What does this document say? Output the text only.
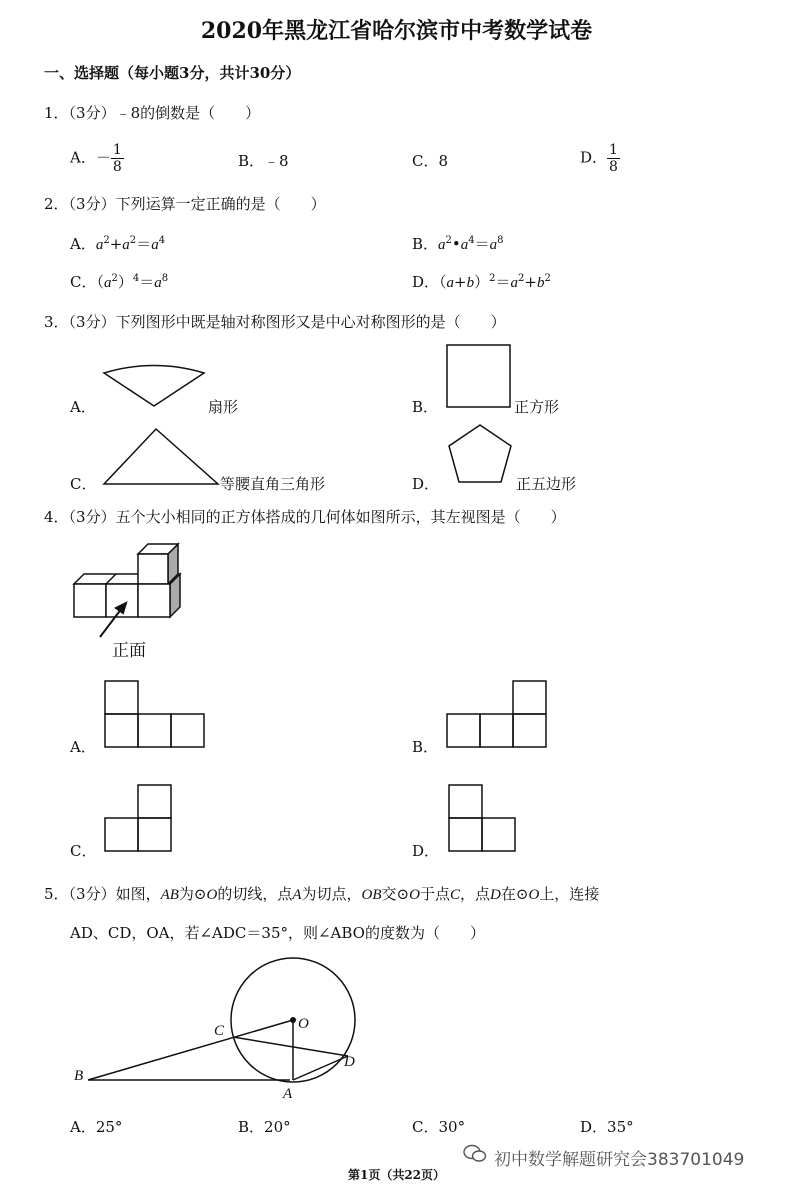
2020年黑龙江省哈尔滨市中考数学试卷
一、选择题（每小题3分，共计30分）
1．（3分）﹣8的倒数是（　　）
A．－ $\frac{1}{8}$	B．﹣8	C．8	D． $\frac{1}{8}$
2．（3分）下列运算一定正确的是（　　）
A．$a^2+a^2=a^4$	B．$a^2•a^4=a^8$
C．$(a^2)^4=a^8$	D．$(a+b)^2=a^2+b^2$
3．（3分）下列图形中既是轴对称图形又是中心对称图形的是（　　）
A．	扇形	B．	正方形
C．	等腰直角三角形	D．	正五边形
4．（3分）五个大小相同的正方体搭成的几何体如图所示，其左视图是（　　）
正面
A．	B．
C．	D．
5．（3分）如图，AB为⊙O的切线，点A为切点，OB交⊙O于点C，点D在⊙O上，连接
AD、CD，OA，若∠ADC＝35°，则∠ABO的度数为（　　）
O
C
D
B
A
A．25°	B．20°	C．30°	D．35°
初中数学解题研究会383701049
第1页（共22页）
